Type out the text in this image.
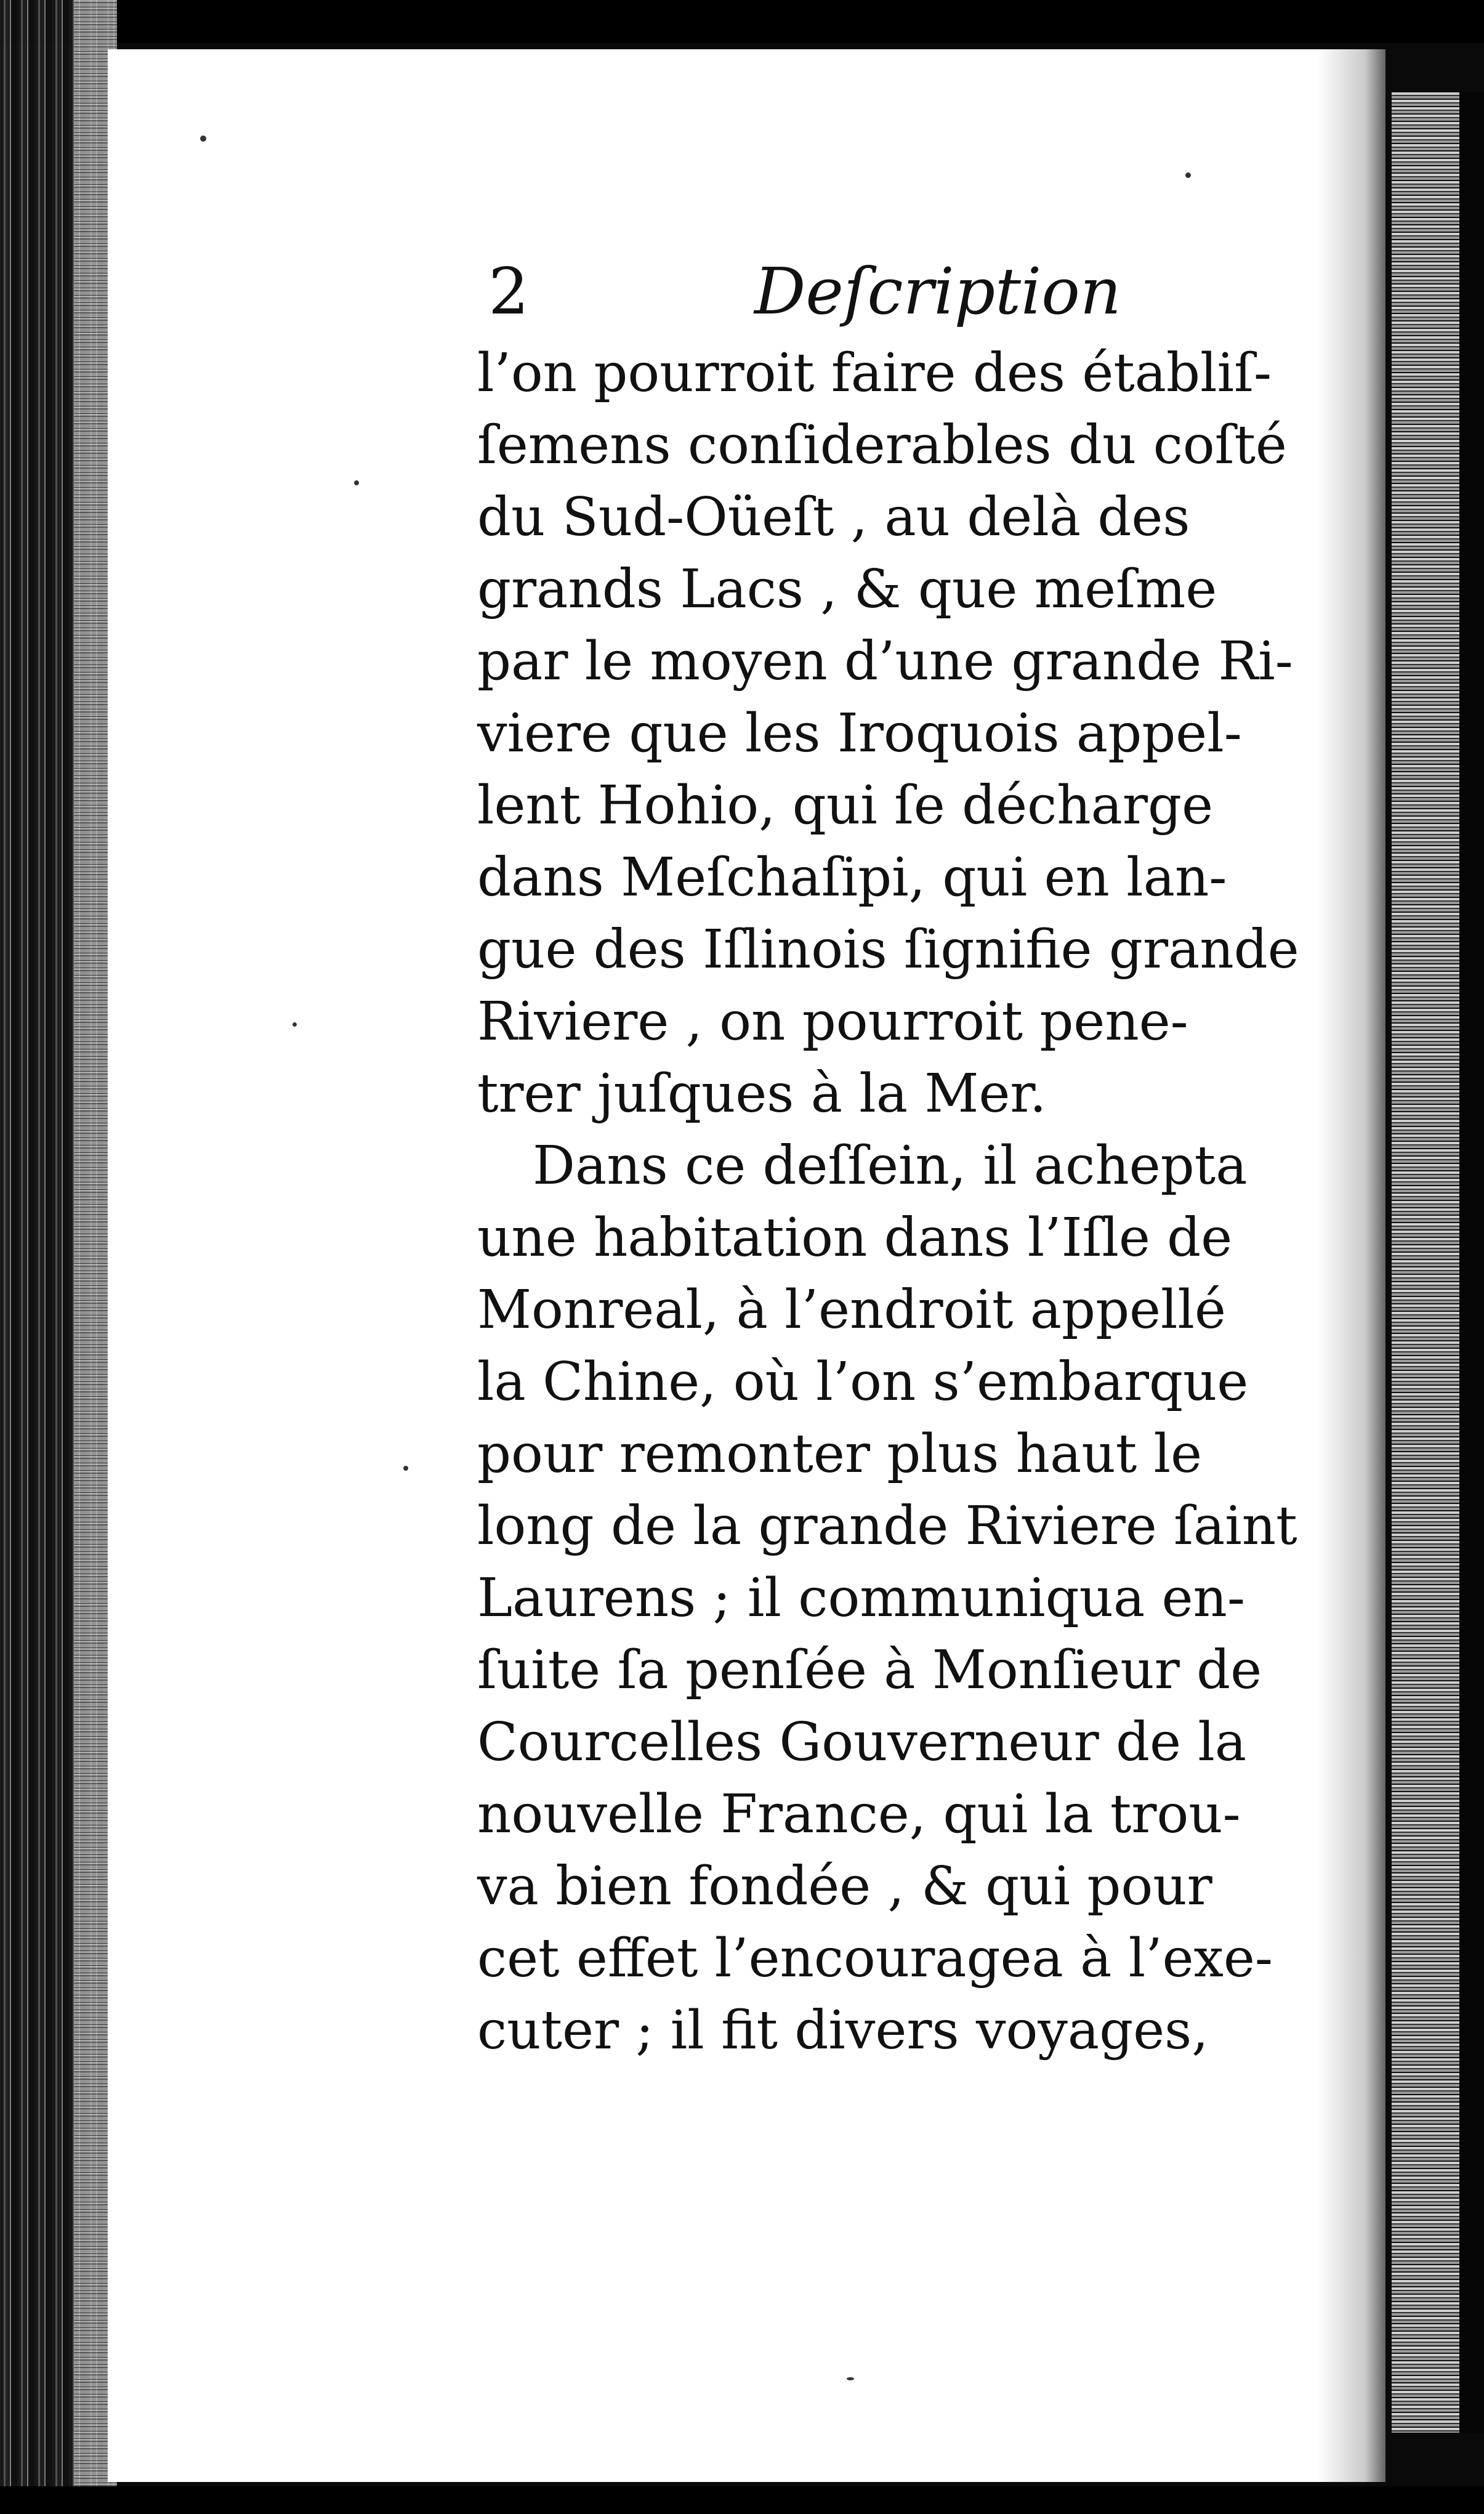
2	Deſcription
l’on pourroit faire des établiſ-
ſemens conſiderables du coſté
du Sud-Oüeſt , au delà des
grands Lacs , & que meſme
par le moyen d’une grande Ri-
viere que les Iroquois appel-
lent Hohio, qui ſe décharge
dans Meſchaſipi, qui en lan-
gue des Iſlinois ſignifie grande
Riviere , on pourroit pene-
trer juſques à la Mer.
Dans ce deſſein, il achepta
une habitation dans l’Iſle de
Monreal, à l’endroit appellé
la Chine, où l’on s’embarque
pour remonter plus haut le
long de la grande Riviere ſaint
Laurens ; il communiqua en-
ſuite ſa penſée à Monſieur de
Courcelles Gouverneur de la
nouvelle France, qui la trou-
va bien fondée , & qui pour
cet effet l’encouragea à l’exe-
cuter ; il fit divers voyages,
